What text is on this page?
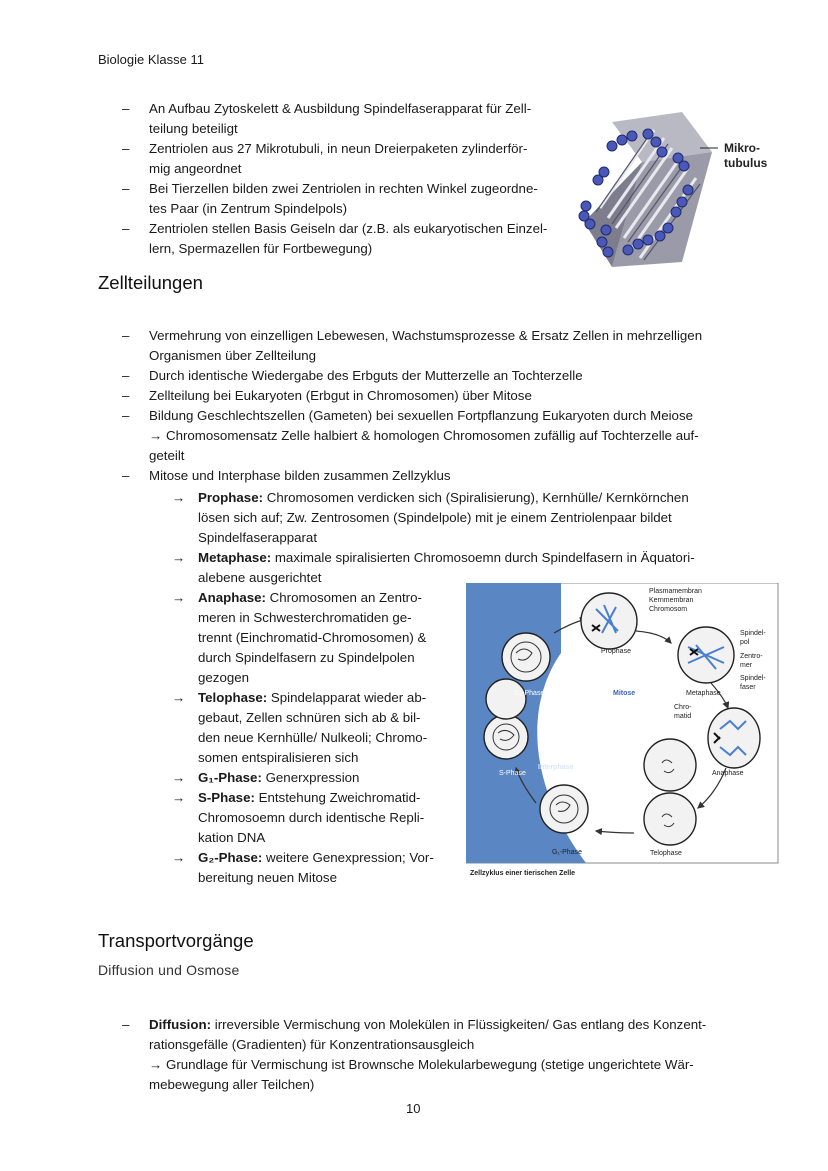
Biologie Klasse 11
– An Aufbau Zytoskelett & Ausbildung Spindelfaserapparat für Zell-
teilung beteiligt
– Zentriolen aus 27 Mikrotubuli, in neun Dreierpaketen zylinderför-
mig angeordnet
– Bei Tierzellen bilden zwei Zentriolen in rechten Winkel zugeordne-
tes Paar (in Zentrum Spindelpols)
– Zentriolen stellen Basis Geiseln dar (z.B. als eukaryotischen Einzel-
lern, Spermazellen für Fortbewegung)
Mikro-
tubulus
Zellteilungen
– Vermehrung von einzelligen Lebewesen, Wachstumsprozesse & Ersatz Zellen in mehrzelligen
Organismen über Zellteilung
– Durch identische Wiedergabe des Erbguts der Mutterzelle an Tochterzelle
– Zellteilung bei Eukaryoten (Erbgut in Chromosomen) über Mitose
– Bildung Geschlechtszellen (Gameten) bei sexuellen Fortpflanzung Eukaryoten durch Meiose
→ Chromosomensatz Zelle halbiert & homologen Chromosomen zufällig auf Tochterzelle auf-
geteilt
– Mitose und Interphase bilden zusammen Zellzyklus
→ Prophase: Chromosomen verdicken sich (Spiralisierung), Kernhülle/ Kernkörnchen
lösen sich auf; Zw. Zentrosomen (Spindelpole) mit je einem Zentriolenpaar bildet
Spindelfaserapparat
→ Metaphase: maximale spiralisierten Chromosoemn durch Spindelfasern in Äquatori-
alebene ausgerichtet
→ Anaphase: Chromosomen an Zentro-
meren in Schwesterchromatiden ge-
trennt (Einchromatid-Chromosomen) &
durch Spindelfasern zu Spindelpolen
gezogen
→ Telophase: Spindelapparat wieder ab-
gebaut, Zellen schnüren sich ab & bil-
den neue Kernhülle/ Nulkeoli; Chromo-
somen entspiralisieren sich
→ G₁-Phase: Generxpression
→ S-Phase: Entstehung Zweichromatid-
Chromosoemn durch identische Repli-
kation DNA
→ G₂-Phase: weitere Genexpression; Vor-
bereitung neuen Mitose
Plasmamembran
Kernmembran
Chromosom
Prophase
Spindel-
pol
Zentro-
mer
Spindel-
faser
G₂-Phase	Mitose	Metaphase
Chro-
matid
S-Phase
Interphase
Anaphase
G₁-Phase	Telophase
Zellzyklus einer tierischen Zelle
Transportvorgänge
Diffusion und Osmose
– Diffusion: irreversible Vermischung von Molekülen in Flüssigkeiten/ Gas entlang des Konzent-
rationsgefälle (Gradienten) für Konzentrationsausgleich
→ Grundlage für Vermischung ist Brownsche Molekularbewegung (stetige ungerichtete Wär-
mebewegung aller Teilchen)
10
